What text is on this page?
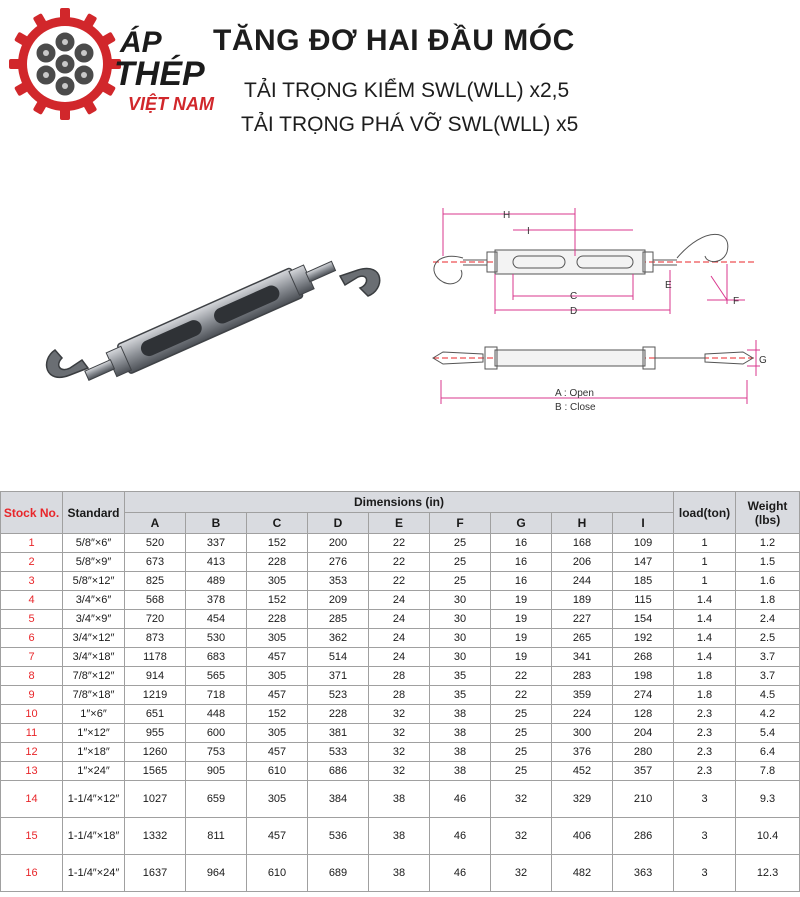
ÁP
THÉP
VIỆT NAM
TĂNG ĐƠ HAI ĐẦU MÓC
TẢI TRỌNG KIỂM SWL(WLL) x2,5
TẢI TRỌNG PHÁ VỠ SWL(WLL) x5
H
I
C
D
E
F
G
A : Open
B : Close
Stock No.	Standard	Dimensions (in)									load(ton)	Weight (lbs)
		A	B	C	D	E	F	G	H	I		
1	5/8″×6″	520	337	152	200	22	25	16	168	109	1	1.2
2	5/8″×9″	673	413	228	276	22	25	16	206	147	1	1.5
3	5/8″×12″	825	489	305	353	22	25	16	244	185	1	1.6
4	3/4″×6″	568	378	152	209	24	30	19	189	115	1.4	1.8
5	3/4″×9″	720	454	228	285	24	30	19	227	154	1.4	2.4
6	3/4″×12″	873	530	305	362	24	30	19	265	192	1.4	2.5
7	3/4″×18″	1178	683	457	514	24	30	19	341	268	1.4	3.7
8	7/8″×12″	914	565	305	371	28	35	22	283	198	1.8	3.7
9	7/8″×18″	1219	718	457	523	28	35	22	359	274	1.8	4.5
10	1″×6″	651	448	152	228	32	38	25	224	128	2.3	4.2
11	1″×12″	955	600	305	381	32	38	25	300	204	2.3	5.4
12	1″×18″	1260	753	457	533	32	38	25	376	280	2.3	6.4
13	1″×24″	1565	905	610	686	32	38	25	452	357	2.3	7.8
14	1-1/4″×12″	1027	659	305	384	38	46	32	329	210	3	9.3
15	1-1/4″×18″	1332	811	457	536	38	46	32	406	286	3	10.4
16	1-1/4″×24″	1637	964	610	689	38	46	32	482	363	3	12.3
